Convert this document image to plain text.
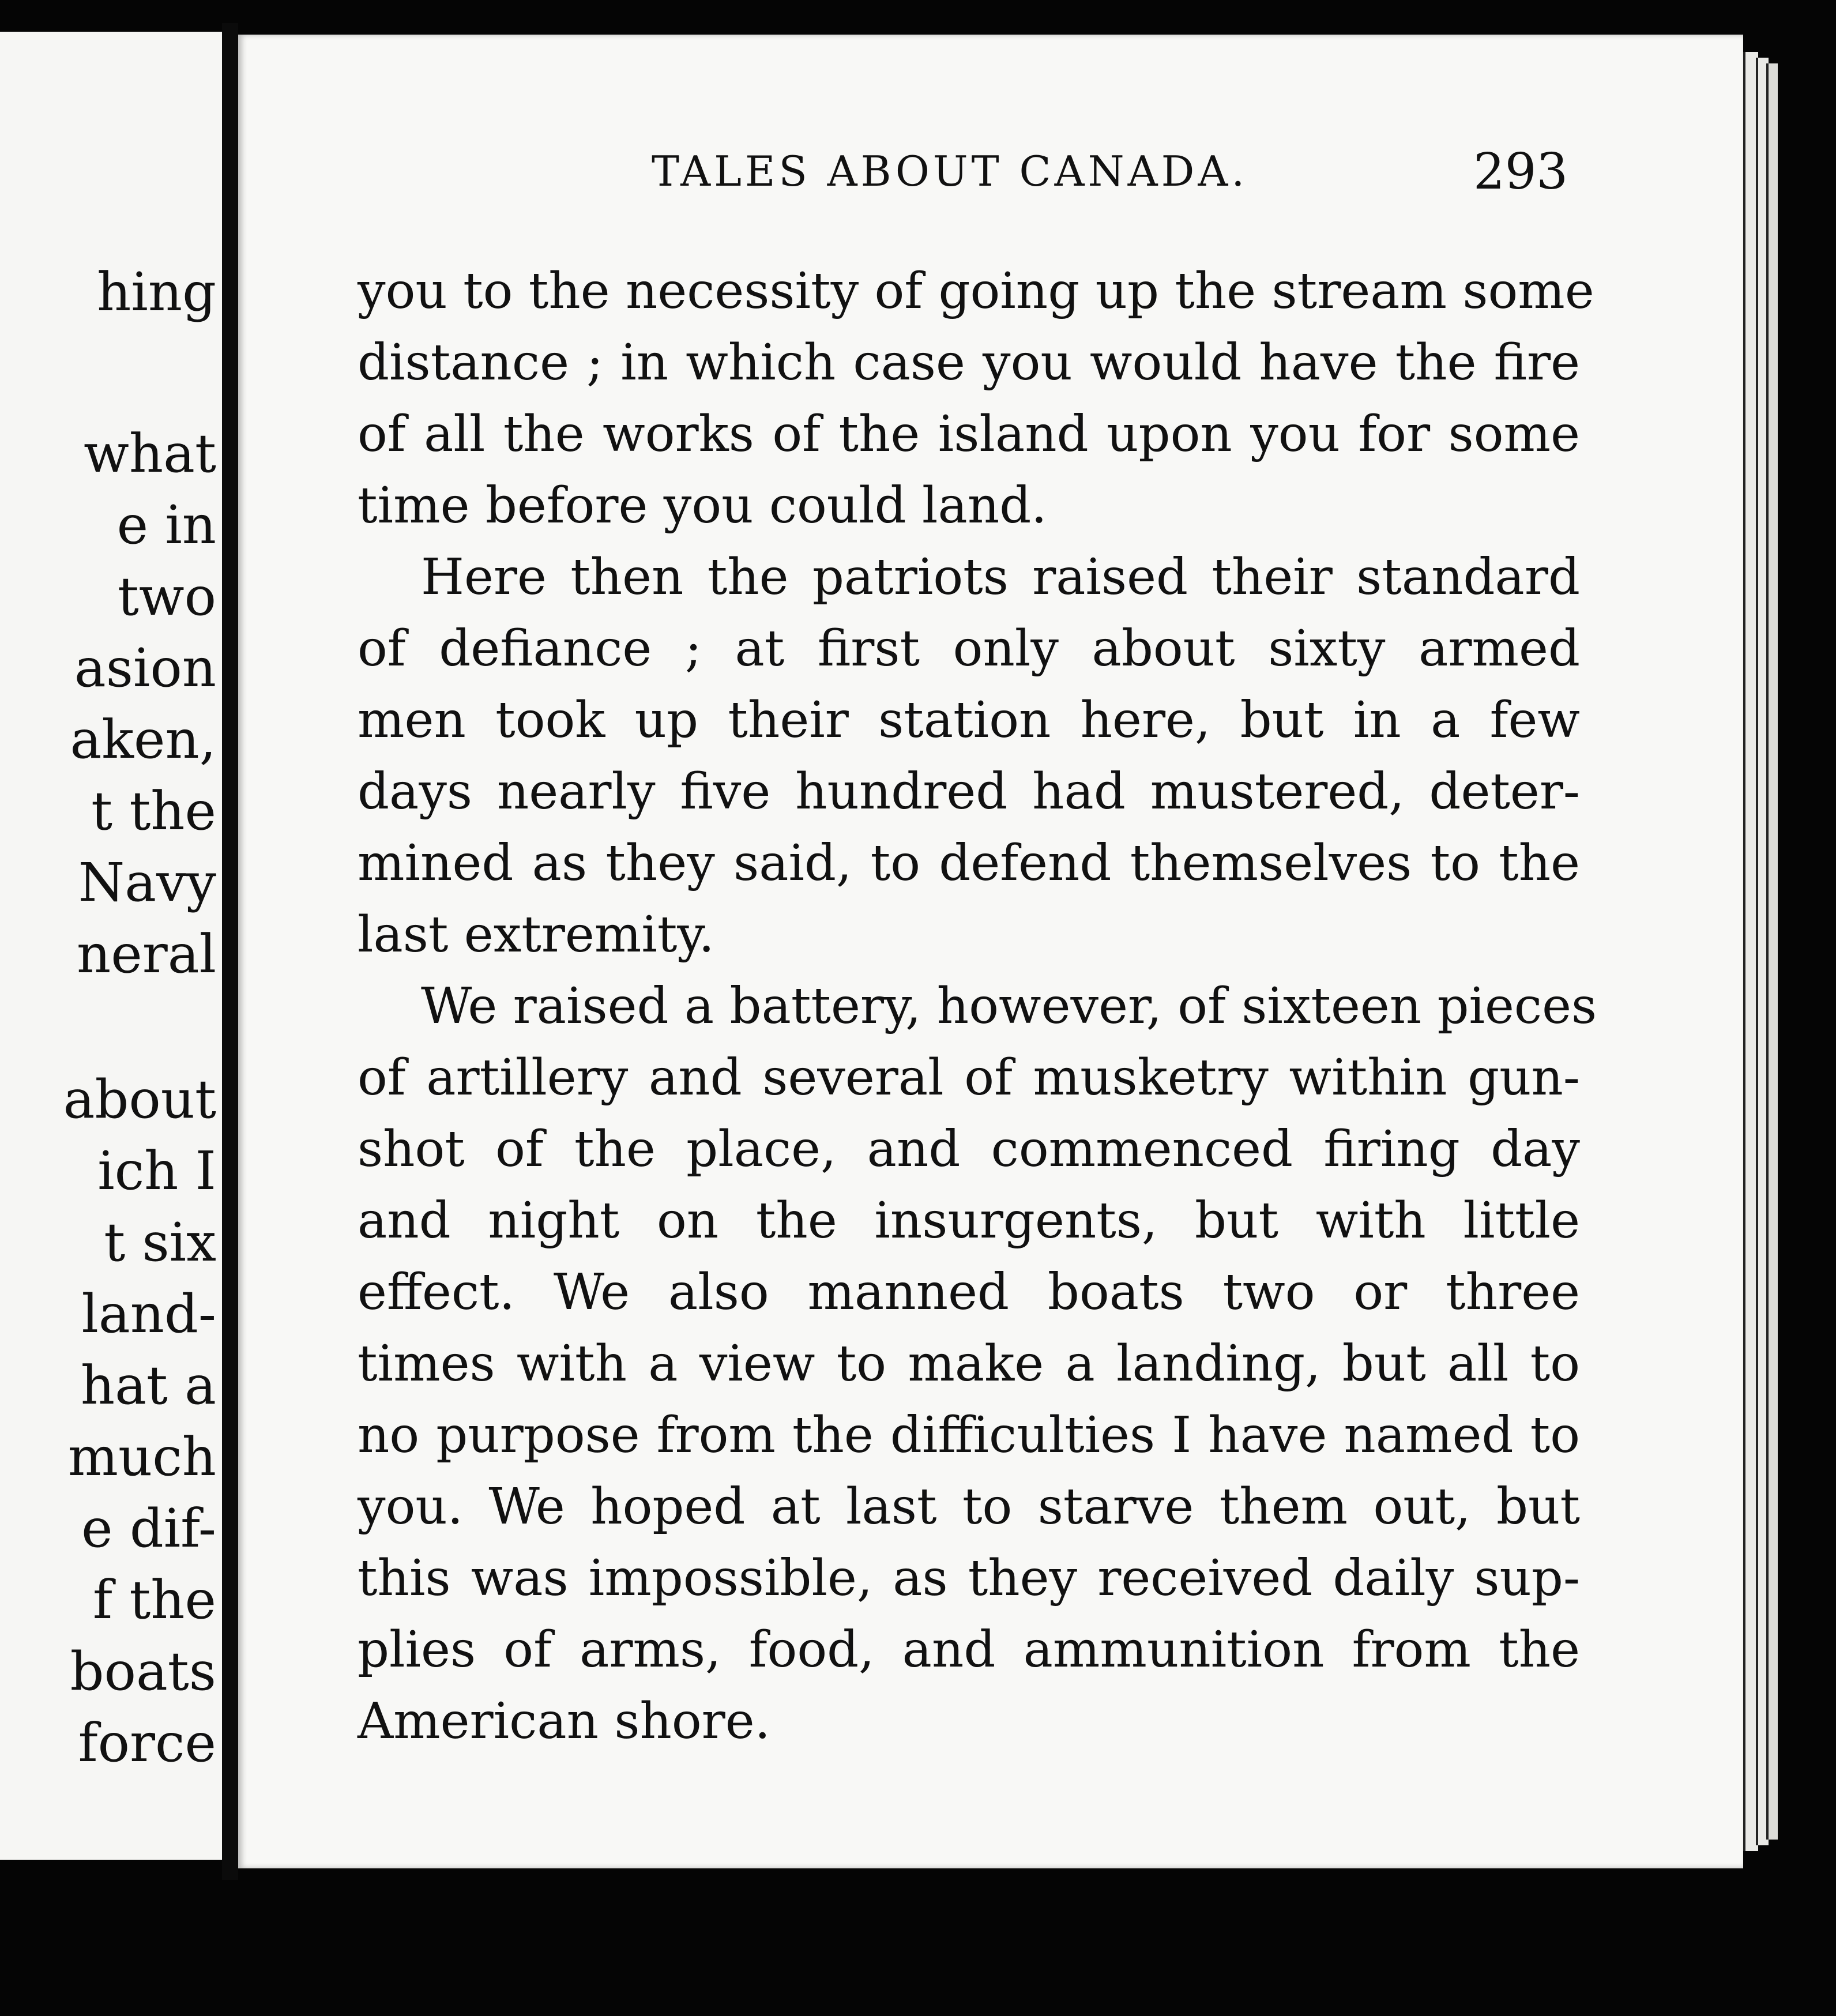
hing
what
e in
two
asion
aken,
t the
Navy
neral
about
ich I
t six
land-
hat a
much
e dif-
f the
boats
force
TALES ABOUT CANADA.	293
you to the necessity of going up the stream some
distance ; in which case you would have the fire
of all the works of the island upon you for some
time before you could land.
Here then the patriots raised their standard
of defiance ; at first only about sixty armed
men took up their station here, but in a few
days nearly five hundred had mustered, deter-
mined as they said, to defend themselves to the
last extremity.
We raised a battery, however, of sixteen pieces
of artillery and several of musketry within gun-
shot of the place, and commenced firing day
and night on the insurgents, but with little
effect. We also manned boats two or three
times with a view to make a landing, but all to
no purpose from the difficulties I have named to
you. We hoped at last to starve them out, but
this was impossible, as they received daily sup-
plies of arms, food, and ammunition from the
American shore.
